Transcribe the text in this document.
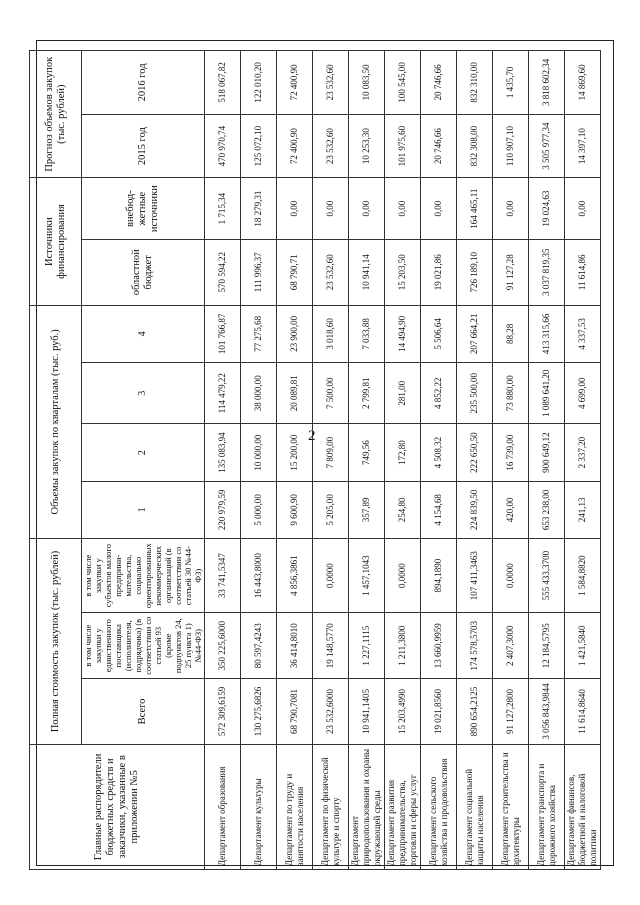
2
Главные распорядители бюджетных средств и заказчики, указанные в приложении №5	Полная стоимость закупок (тыс. рублей)			Объемы закупок по кварталам (тыс. руб.)				Источники финансирования		Прогноз объемов закупок (тыс. рублей)	
	Всего	в том числе закупки у единственного поставщика (исполнителя, подрядчика) (в соответствии со статьей 93 (кроме подпунктов 24, 25 пункта 1) №44-ФЗ)	в том числе закупки у субъектов малого предприни-мательства, социально ориентированных некоммерческих организаций (в соответствии со статьей 30 №44-ФЗ)	1	2	3	4	областной бюджет	внебюд-жетные источники	2015 год	2016 год

Департамент образования	572 309,6159	350 225,6000	33 741,5347	220 979,59	135 083,94	114 479,22	101 766,87	570 594,22	1 715,34	470 970,74	518 067,82
Департамент культуры	130 275,6826	80 597,4243	16 443,8000	5 000,00	10 000,00	38 000,00	77 275,68	111 996,37	18 279,31	125 072,10	122 010,20
Департамент по труду и занятости населения	68 790,7081	36 414,8010	4 856,3861	9 600,90	15 200,00	20 089,81	23 900,00	68 790,71	0,00	72 400,90	72 400,90
Департамент по физической культуре и спорту	23 532,6000	19 148,5770	0,0000	5 205,00	7 809,00	7 500,00	3 018,60	23 532,60	0,00	23 532,60	23 532,60
Департамент природопользования и охраны окружающей среды	10 941,1405	1 227,1115	1 457,1043	357,89	749,56	2 799,81	7 033,88	10 941,14	0,00	10 253,30	10 083,50
Департамент развития предпринимательства, торговли и сферы услуг	15 203,4990	1 211,3800	0,0000	254,80	172,80	281,00	14 494,90	15 203,50	0,00	101 975,60	100 545,00
Департамент сельского хозяйства и продовольствия	19 021,8560	13 660,9959	894,1890	4 154,68	4 508,32	4 852,22	5 506,64	19 021,86	0,00	20 746,66	20 746,66
Департамент социальной защиты населения	890 654,2125	174 578,5703	107 411,3463	224 839,50	222 650,50	235 500,00	207 664,21	726 189,10	164 465,11	832 308,00	832 310,00
Департамент строительства и архитектуры	91 127,2800	2 407,3000	0,0000	420,00	16 739,00	73 880,00	88,28	91 127,28	0,00	110 907,10	1 435,70
Департамент транспорта и дорожного хозяйства	3 056 843,9844	12 184,5795	555 433,3700	653 238,00	900 649,12	1 089 641,20	413 315,66	3 037 819,35	19 024,63	3 505 977,34	3 818 602,34
Департамент финансов, бюджетной и налоговой политики	11 614,8640	1 421,5840	1 584,8820	241,13	2 337,20	4 699,00	4 337,53	11 614,86	0,00	14 397,10	14 869,60
